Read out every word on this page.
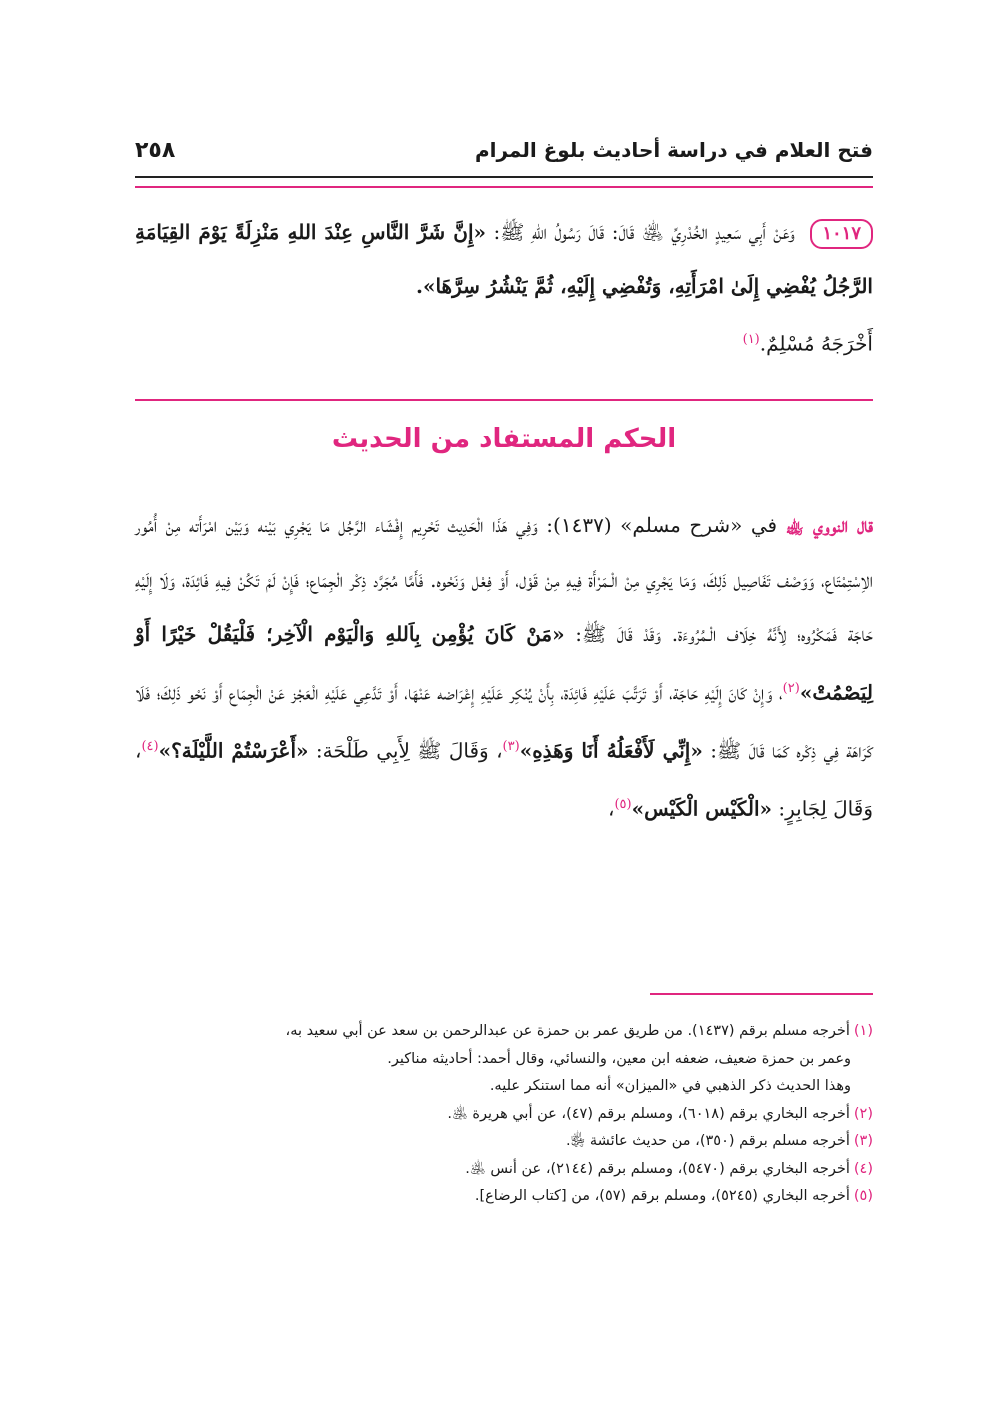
فتح العلام في دراسة أحاديث بلوغ المرام
٢٥٨
١٠١٧ وَعَنْ أَبِي سَعِيدٍ الخُدْرِيِّ ﵁ قَالَ: قَالَ رَسُولُ اللهِ ﷺ: «إِنَّ شَرَّ النَّاسِ عِنْدَ اللهِ مَنْزِلَةً يَوْمَ القِيَامَةِ الرَّجُلُ يُفْضِي إِلَىٰ امْرَأَتِهِ، وَتُفْضِي إِلَيْهِ، ثُمَّ يَنْشُرُ سِرَّهَا».
أَخْرَجَهُ مُسْلِمٌ.$^{(١)}$
الحكم المستفاد من الحديث
قال النووي ﵀ في «شرح مسلم» (١٤٣٧): وَفِي هَذَا الْحَدِيث تَحْرِيم إِفْشَاء الرَّجُل مَا يَجْرِي بَيْنه وَبَيْن امْرَأَته مِنْ أُمُور الاِسْتِمْتَاع، وَوَصْف تَفَاصِيل ذَلِكَ، وَمَا يَجْرِي مِنْ الْـمَرْأَة فِيهِ مِنْ قَوْل، أَوْ فِعْل وَنَحْوه. فَأَمَّا مُجَرَّد ذِكْر الْجِمَاع؛ فَإِنْ لَمْ تَكُنْ فِيهِ فَائِدَة، وَلَا إِلَيْهِ حَاجَة فَمَكْرُوه؛ لِأَنَّهُ خِلَاف الْـمُرُوءَة. وَقَدْ قَالَ ﷺ: «مَنْ كَانَ يُؤْمِن بِاَللهِ وَالْيَوْم الْآخِر؛ فَلْيَقُلْ خَيْرًا أَوْ لِيَصْمُتْ»$^{(٢)}$، وَإِنْ كَانَ إِلَيْهِ حَاجَة، أَوْ تَرَتَّبَ عَلَيْهِ فَائِدَة، بِأَنْ يُنْكِر عَلَيْهِ إِعْرَاضه عَنْهَا، أَوْ تَدَّعِي عَلَيْهِ الْعَجْز عَنْ الْجِمَاع أَوْ نَحْو ذَلِكَ؛ فَلَا كَرَاهَة فِي ذِكْره كَمَا قَالَ ﷺ: «إِنِّي لَأَفْعَلُهُ أَنَا وَهَذِهِ»$^{(٣)}$، وَقَالَ ﷺ لِأَبِي طَلْحَة: «أَعْرَسْتُمْ اللَّيْلَة؟»$^{(٤)}$، وَقَالَ لِجَابِرٍ: «الْكَيْس الْكَيْس»$^{(٥)}$،

(١)أخرجه مسلم برقم (١٤٣٧). من طريق عمر بن حمزة عن عبدالرحمن بن سعد عن أبي سعيد به،

وعمر بن حمزة ضعيف، ضعفه ابن معين، والنسائي، وقال أحمد: أحاديثه مناكير.

وهذا الحديث ذكر الذهبي في «الميزان» أنه مما استنكر عليه.

(٢)أخرجه البخاري برقم (٦٠١٨)، ومسلم برقم (٤٧)، عن أبي هريرة ﵁.

(٣)أخرجه مسلم برقم (٣٥٠)، من حديث عائشة ﵂.

(٤)أخرجه البخاري برقم (٥٤٧٠)، ومسلم برقم (٢١٤٤)، عن أنس ﵁.

(٥)أخرجه البخاري (٥٢٤٥)، ومسلم برقم (٥٧)، من [كتاب الرضاع].
